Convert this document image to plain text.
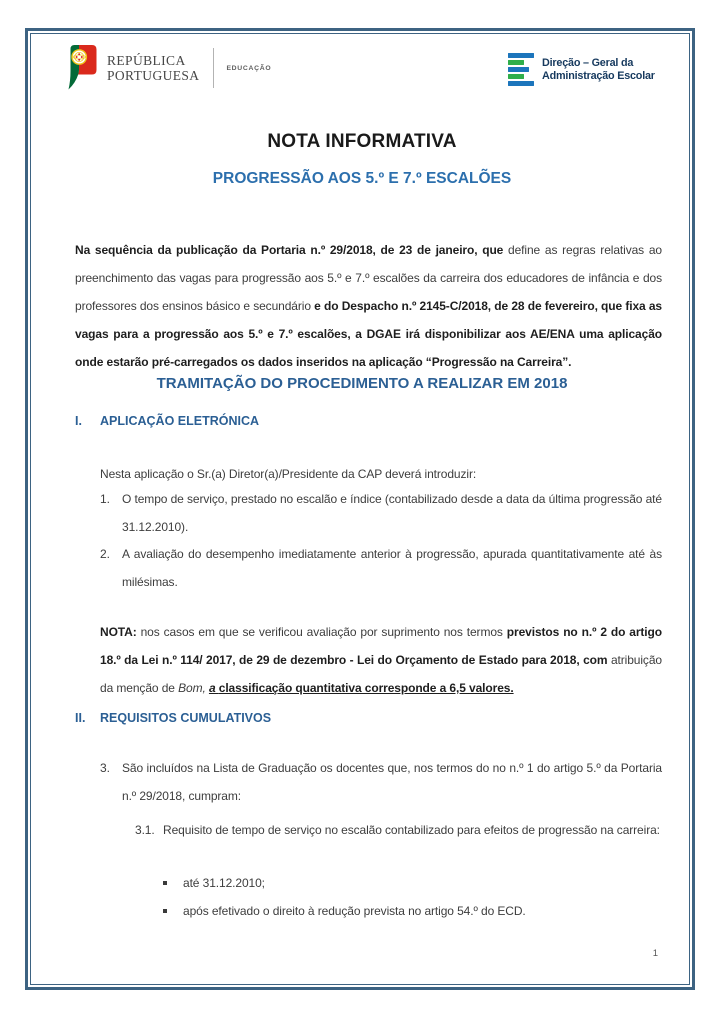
REPÚBLICA
PORTUGUESA	EDUCAÇÃO	Direção – Geral da
Administração Escolar
NOTA INFORMATIVA
PROGRESSÃO AOS 5.º E 7.º ESCALÕES

Na sequência da publicação da Portaria n.º 29/2018, de 23 de janeiro, que define as regras relativas ao preenchimento das vagas para progressão aos 5.º e 7.º escalões da carreira dos educadores de infância e dos professores dos ensinos básico e secundário e do Despacho n.º 2145-C/2018, de 28 de fevereiro, que fixa as vagas para a progressão aos 5.º e 7.º escalões, a DGAE irá disponibilizar aos AE/ENA uma aplicação onde estarão pré-carregados os dados inseridos na aplicação “Progressão na Carreira”.

TRAMITAÇÃO DO PROCEDIMENTO A REALIZAR EM 2018
I. APLICAÇÃO ELETRÓNICA
Nesta aplicação o Sr.(a) Diretor(a)/Presidente da CAP deverá introduzir:
1. O tempo de serviço, prestado no escalão e índice (contabilizado desde a data da última progressão até 31.12.2010).
2. A avaliação do desempenho imediatamente anterior à progressão, apurada quantitativamente até às milésimas.

NOTA: nos casos em que se verificou avaliação por suprimento nos termos previstos no n.º 2 do artigo 18.º da Lei n.º 114/ 2017, de 29 de dezembro - Lei do Orçamento de Estado para 2018, com atribuição da menção de Bom, a classificação quantitativa corresponde a 6,5 valores.

II. REQUISITOS CUMULATIVOS
3. São incluídos na Lista de Graduação os docentes que, nos termos do no n.º 1 do artigo 5.º da Portaria n.º 29/2018, cumpram:
3.1. Requisito de tempo de serviço no escalão contabilizado para efeitos de progressão na carreira:
até 31.12.2010;
após efetivado o direito à redução prevista no artigo 54.º do ECD.
1
